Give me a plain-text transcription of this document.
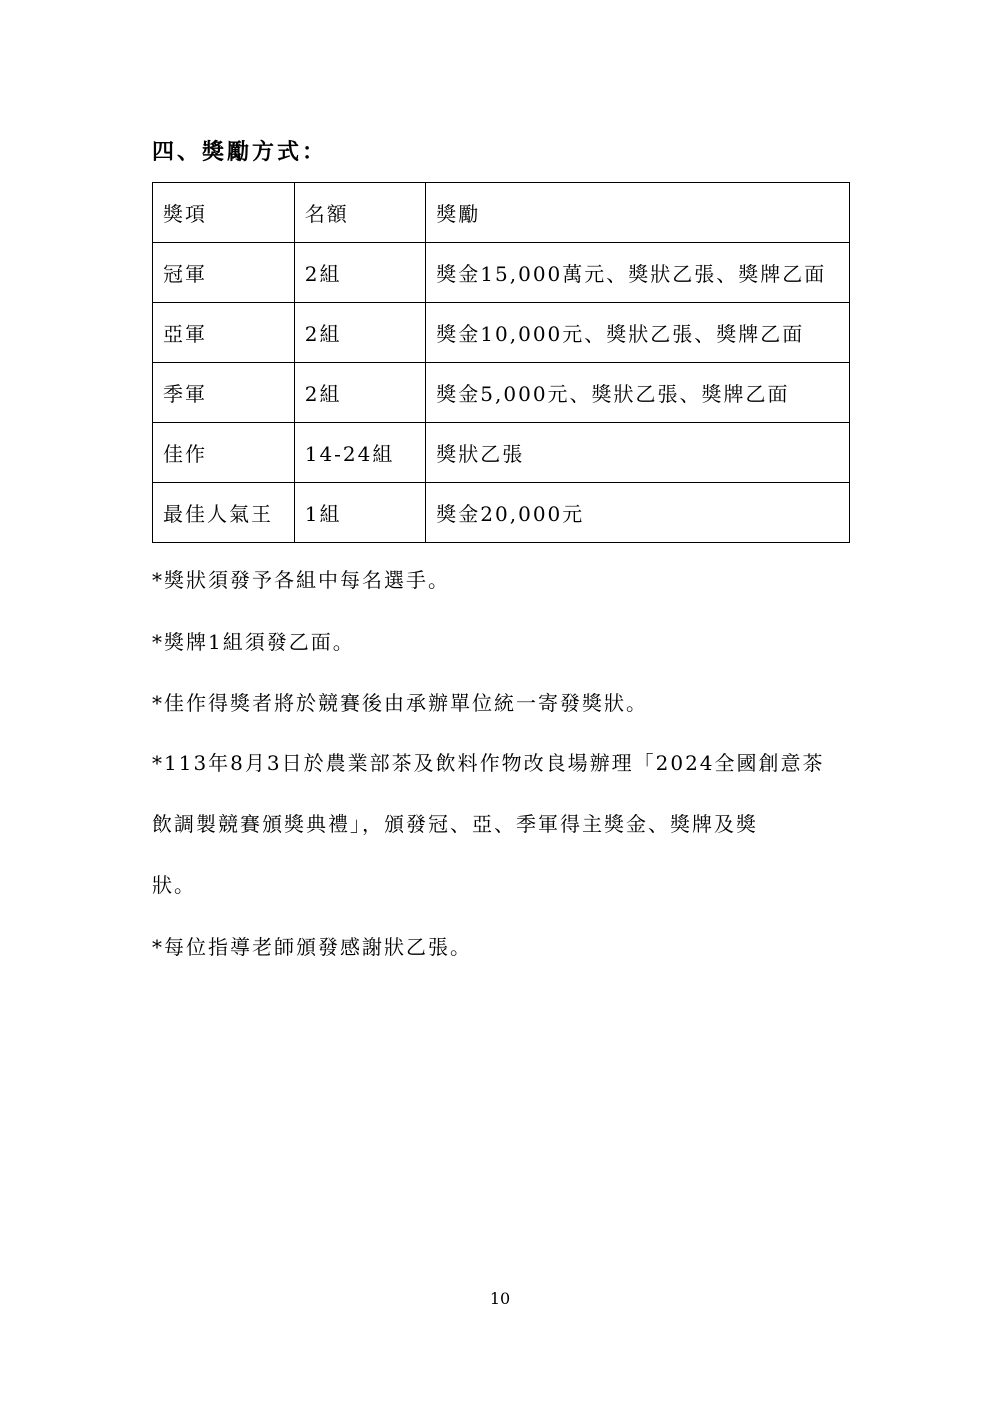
四、獎勵方式：
獎項	名額	獎勵
冠軍	2組	獎金15,000萬元、獎狀乙張、獎牌乙面
亞軍	2組	獎金10,000元、獎狀乙張、獎牌乙面
季軍	2組	獎金5,000元、獎狀乙張、獎牌乙面
佳作	14-24組	獎狀乙張
最佳人氣王	1組	獎金20,000元

*獎狀須發予各組中每名選手。

*獎牌1組須發乙面。

*佳作得獎者將於競賽後由承辦單位統一寄發獎狀。

*113年8月3日於農業部茶及飲料作物改良場辦理「2024全國創意茶

飲調製競賽頒獎典禮」，頒發冠、亞、季軍得主獎金、獎牌及獎

狀。

*每位指導老師頒發感謝狀乙張。

10
